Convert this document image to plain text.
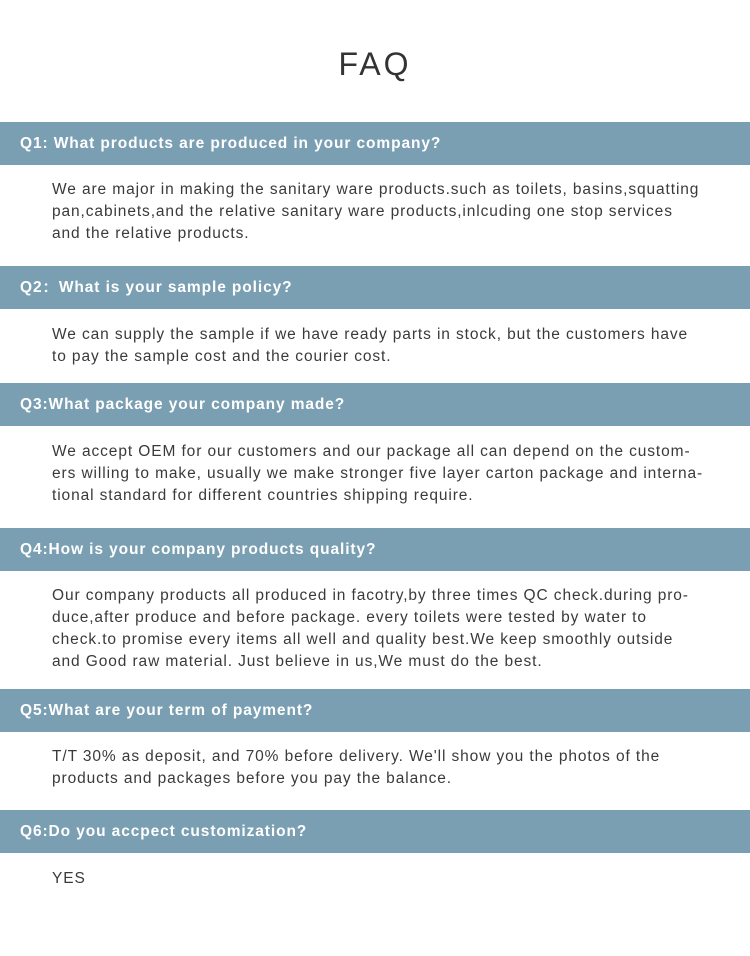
FAQ
Q1: What products are produced in your company?
We are major in making the sanitary ware products.such as toilets, basins,squatting
pan,cabinets,and the relative sanitary ware products,inlcuding one stop services
and the relative products.
Q2：What is your sample policy?
We can supply the sample if we have ready parts in stock, but the customers have
to pay the sample cost and the courier cost.
Q3:What package your company made?
We accept OEM for our customers and our package all can depend on the custom-
ers willing to make, usually we make stronger five layer carton package and interna-
tional standard for different countries shipping require.
Q4:How is your company products quality?
Our company products all produced in facotry,by three times QC check.during pro-
duce,after produce and before package. every toilets were tested by water to
check.to promise every items all well and quality best.We keep smoothly outside
and Good raw material. Just believe in us,We must do the best.
Q5:What are your term of payment?
T/T 30% as deposit, and 70% before delivery. We'll show you the photos of the
products and packages before you pay the balance.
Q6:Do you accpect customization?
YES
